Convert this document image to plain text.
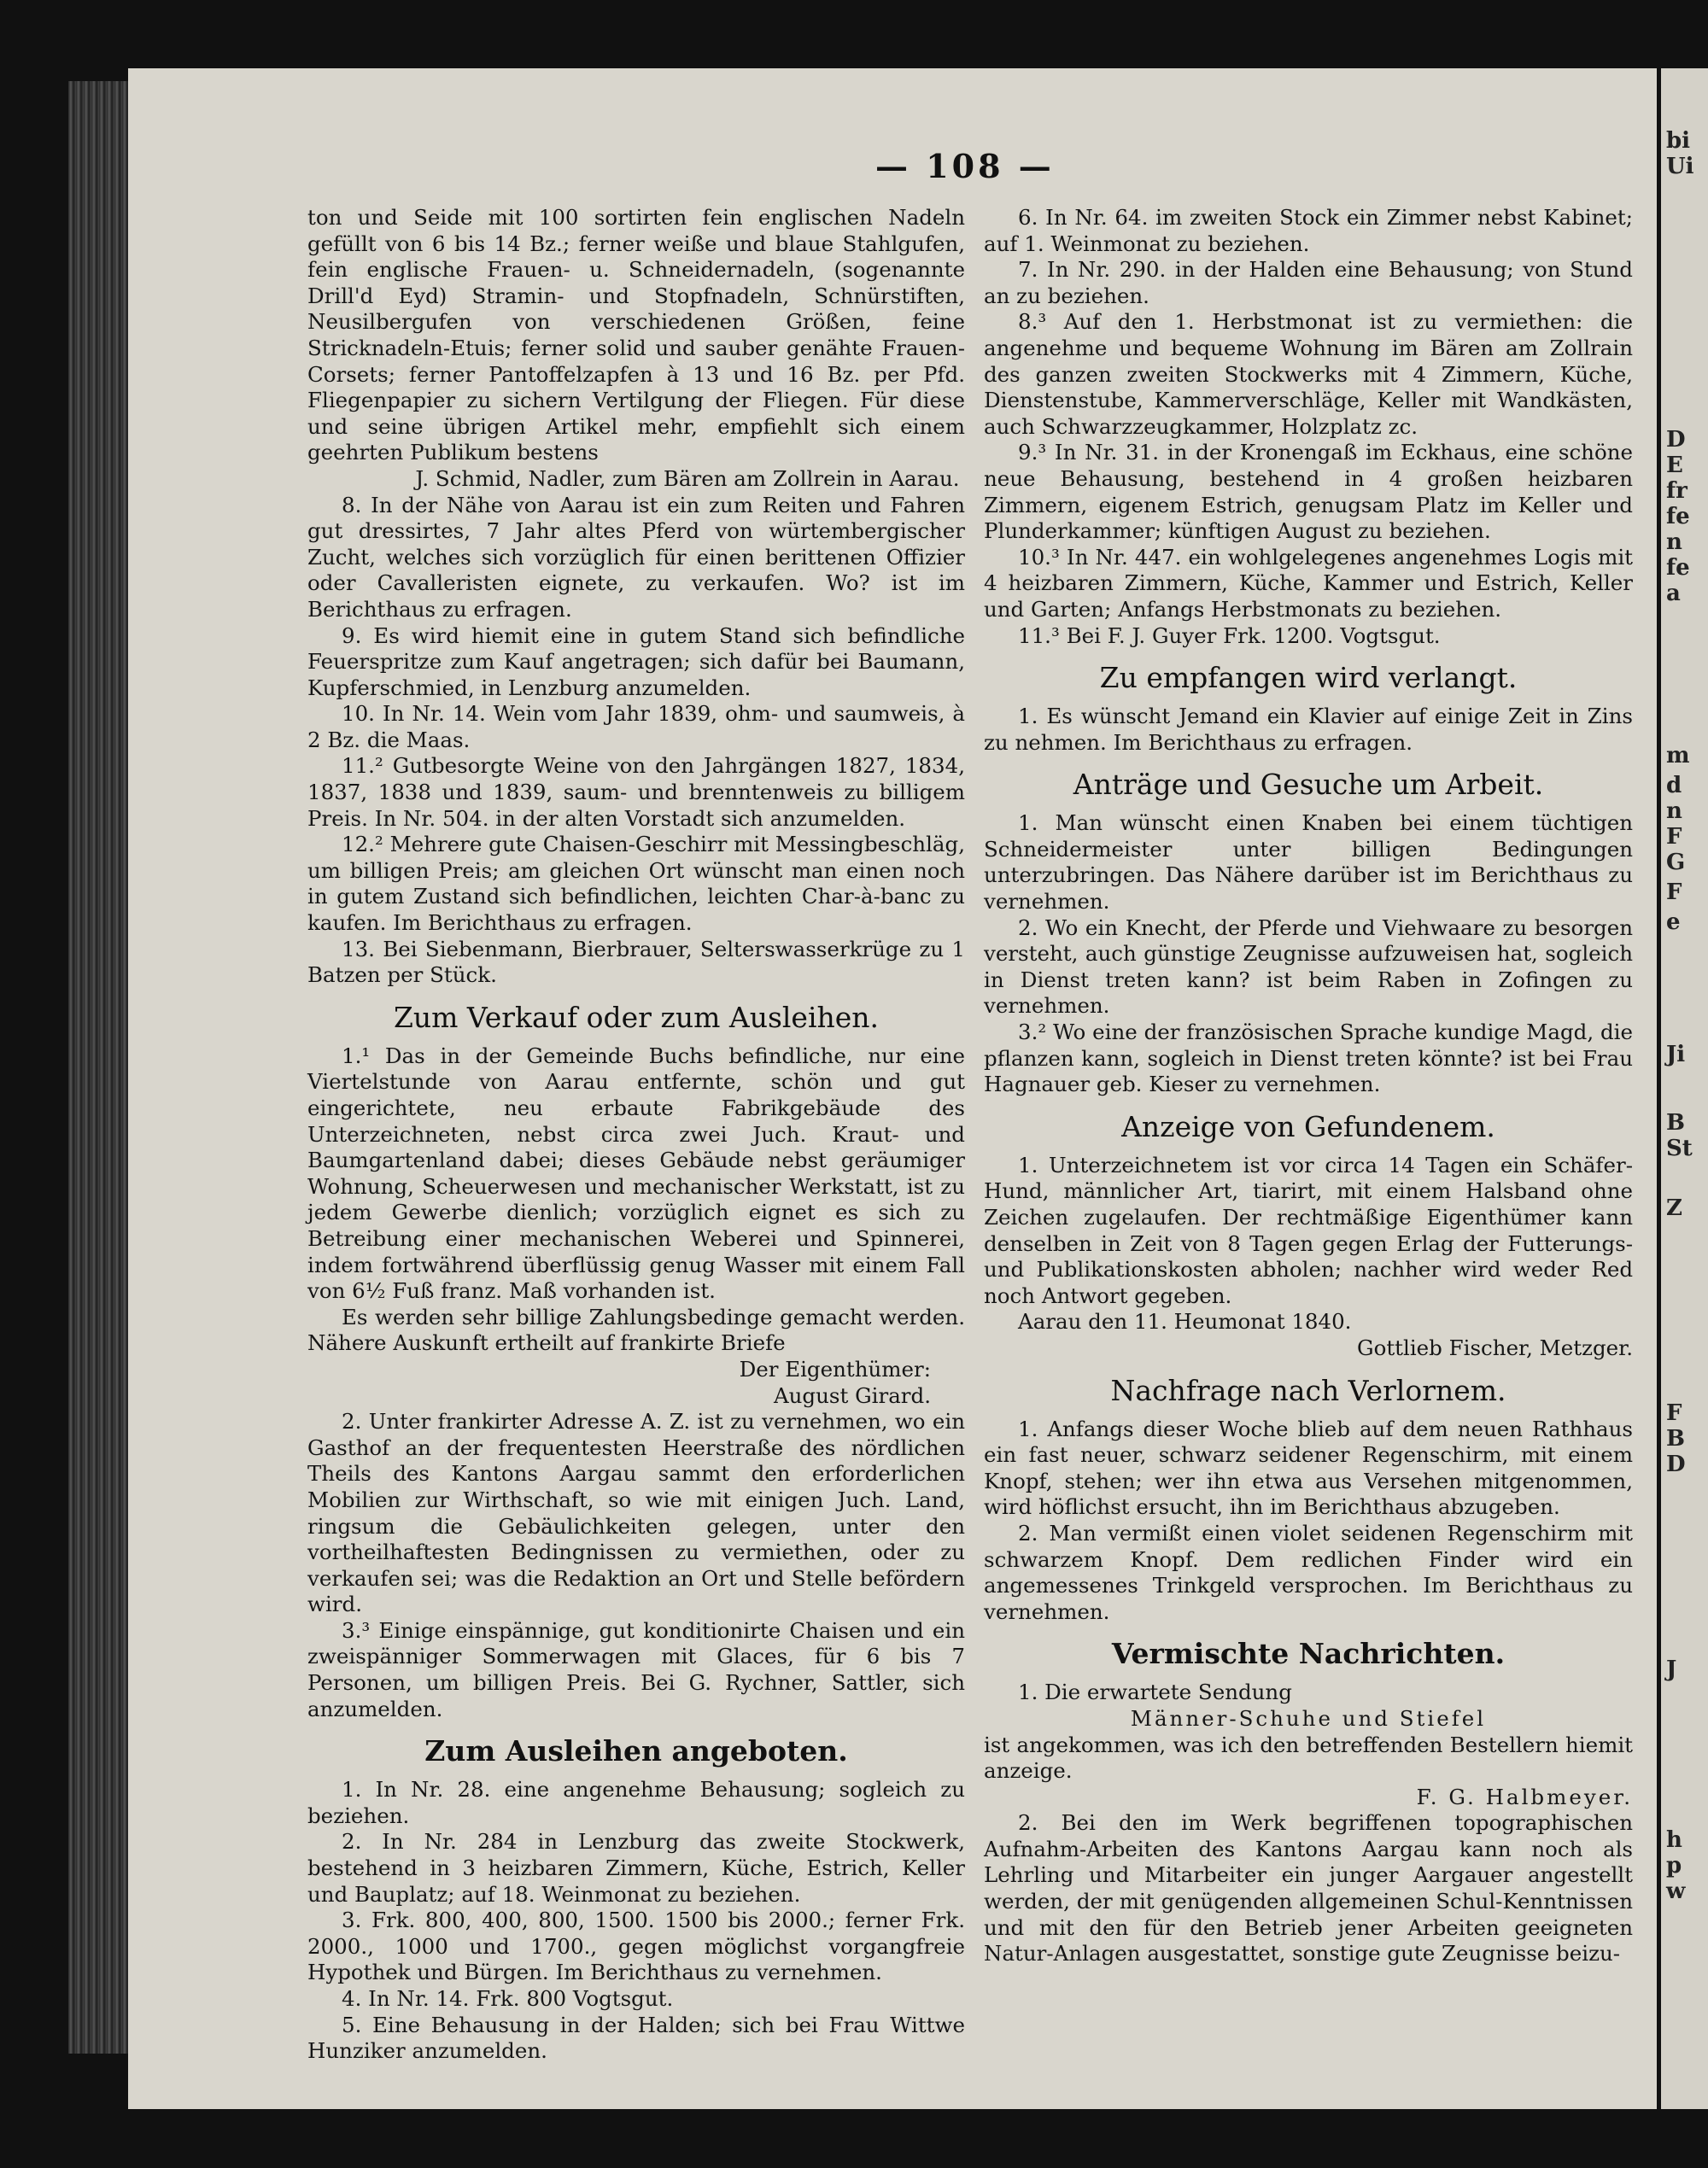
bi
Ui
D
E
fr
fe
n
fe
a
m
d
n
F
G
F
e
Ji
B
St
Z
F
B
D
J
h
p
w
— 108 —

ton und Seide mit 100 sortirten fein englischen Nadeln gefüllt von 6 bis 14 Bz.; ferner weiße und blaue Stahlgufen, fein englische Frauen- u. Schneidernadeln, (sogenannte Drill'd Eyd) Stramin- und Stopfnadeln, Schnürstiften, Neusilbergufen von verschiedenen Größen, feine Stricknadeln-Etuis; ferner solid und sauber genähte Frauen-Corsets; ferner Pantoffelzapfen à 13 und 16 Bz. per Pfd. Fliegenpapier zu sichern Vertilgung der Fliegen. Für diese und seine übrigen Artikel mehr, empfiehlt sich einem geehrten Publikum bestens

J. Schmid, Nadler, zum Bären am Zollrein in Aarau.

8. In der Nähe von Aarau ist ein zum Reiten und Fahren gut dressirtes, 7 Jahr altes Pferd von würtembergischer Zucht, welches sich vorzüglich für einen berittenen Offizier oder Cavalleristen eignete, zu verkaufen. Wo? ist im Berichthaus zu erfragen.

9. Es wird hiemit eine in gutem Stand sich befindliche Feuerspritze zum Kauf angetragen; sich dafür bei Baumann, Kupferschmied, in Lenzburg anzumelden.

10. In Nr. 14. Wein vom Jahr 1839, ohm- und saumweis, à 2 Bz. die Maas.

11.² Gutbesorgte Weine von den Jahrgängen 1827, 1834, 1837, 1838 und 1839, saum- und brenntenweis zu billigem Preis. In Nr. 504. in der alten Vorstadt sich anzumelden.

12.² Mehrere gute Chaisen-Geschirr mit Messingbeschläg, um billigen Preis; am gleichen Ort wünscht man einen noch in gutem Zustand sich befindlichen, leichten Char-à-banc zu kaufen. Im Berichthaus zu erfragen.

13. Bei Siebenmann, Bierbrauer, Selterswasserkrüge zu 1 Batzen per Stück.

Zum Verkauf oder zum Ausleihen.

1.¹ Das in der Gemeinde Buchs befindliche, nur eine Viertelstunde von Aarau entfernte, schön und gut eingerichtete, neu erbaute Fabrikgebäude des Unterzeichneten, nebst circa zwei Juch. Kraut- und Baumgartenland dabei; dieses Gebäude nebst geräumiger Wohnung, Scheuerwesen und mechanischer Werkstatt, ist zu jedem Gewerbe dienlich; vorzüglich eignet es sich zu Betreibung einer mechanischen Weberei und Spinnerei, indem fortwährend überflüssig genug Wasser mit einem Fall von 6½ Fuß franz. Maß vorhanden ist.

Es werden sehr billige Zahlungsbedinge gemacht werden. Nähere Auskunft ertheilt auf frankirte Briefe

Der Eigenthümer:

August Girard.

2. Unter frankirter Adresse A. Z. ist zu vernehmen, wo ein Gasthof an der frequentesten Heerstraße des nördlichen Theils des Kantons Aargau sammt den erforderlichen Mobilien zur Wirthschaft, so wie mit einigen Juch. Land, ringsum die Gebäulichkeiten gelegen, unter den vortheilhaftesten Bedingnissen zu vermiethen, oder zu verkaufen sei; was die Redaktion an Ort und Stelle befördern wird.

3.³ Einige einspännige, gut konditionirte Chaisen und ein zweispänniger Sommerwagen mit Glaces, für 6 bis 7 Personen, um billigen Preis. Bei G. Rychner, Sattler, sich anzumelden.

Zum Ausleihen angeboten.

1. In Nr. 28. eine angenehme Behausung; sogleich zu beziehen.

2. In Nr. 284 in Lenzburg das zweite Stockwerk, bestehend in 3 heizbaren Zimmern, Küche, Estrich, Keller und Bauplatz; auf 18. Weinmonat zu beziehen.

3. Frk. 800, 400, 800, 1500. 1500 bis 2000.; ferner Frk. 2000., 1000 und 1700., gegen möglichst vorgangfreie Hypothek und Bürgen. Im Berichthaus zu vernehmen.

4. In Nr. 14. Frk. 800 Vogtsgut.

5. Eine Behausung in der Halden; sich bei Frau Wittwe Hunziker anzumelden.

6. In Nr. 64. im zweiten Stock ein Zimmer nebst Kabinet; auf 1. Weinmonat zu beziehen.

7. In Nr. 290. in der Halden eine Behausung; von Stund an zu beziehen.

8.³ Auf den 1. Herbstmonat ist zu vermiethen: die angenehme und bequeme Wohnung im Bären am Zollrain des ganzen zweiten Stockwerks mit 4 Zimmern, Küche, Dienstenstube, Kammerverschläge, Keller mit Wandkästen, auch Schwarzzeugkammer, Holzplatz zc.

9.³ In Nr. 31. in der Kronengaß im Eckhaus, eine schöne neue Behausung, bestehend in 4 großen heizbaren Zimmern, eigenem Estrich, genugsam Platz im Keller und Plunderkammer; künftigen August zu beziehen.

10.³ In Nr. 447. ein wohlgelegenes angenehmes Logis mit 4 heizbaren Zimmern, Küche, Kammer und Estrich, Keller und Garten; Anfangs Herbstmonats zu beziehen.

11.³ Bei F. J. Guyer Frk. 1200. Vogtsgut.

Zu empfangen wird verlangt.

1. Es wünscht Jemand ein Klavier auf einige Zeit in Zins zu nehmen. Im Berichthaus zu erfragen.

Anträge und Gesuche um Arbeit.

1. Man wünscht einen Knaben bei einem tüchtigen Schneidermeister unter billigen Bedingungen unterzubringen. Das Nähere darüber ist im Berichthaus zu vernehmen.

2. Wo ein Knecht, der Pferde und Viehwaare zu besorgen versteht, auch günstige Zeugnisse aufzuweisen hat, sogleich in Dienst treten kann? ist beim Raben in Zofingen zu vernehmen.

3.² Wo eine der französischen Sprache kundige Magd, die pflanzen kann, sogleich in Dienst treten könnte? ist bei Frau Hagnauer geb. Kieser zu vernehmen.

Anzeige von Gefundenem.

1. Unterzeichnetem ist vor circa 14 Tagen ein Schäfer-Hund, männlicher Art, tiarirt, mit einem Halsband ohne Zeichen zugelaufen. Der rechtmäßige Eigenthümer kann denselben in Zeit von 8 Tagen gegen Erlag der Futterungs- und Publikationskosten abholen; nachher wird weder Red noch Antwort gegeben.

Aarau den 11. Heumonat 1840.

Gottlieb Fischer, Metzger.

Nachfrage nach Verlornem.

1. Anfangs dieser Woche blieb auf dem neuen Rathhaus ein fast neuer, schwarz seidener Regenschirm, mit einem Knopf, stehen; wer ihn etwa aus Versehen mitgenommen, wird höflichst ersucht, ihn im Berichthaus abzugeben.

2. Man vermißt einen violet seidenen Regenschirm mit schwarzem Knopf. Dem redlichen Finder wird ein angemessenes Trinkgeld versprochen. Im Berichthaus zu vernehmen.

Vermischte Nachrichten.

1. Die erwartete Sendung

Männer-Schuhe und Stiefel

ist angekommen, was ich den betreffenden Bestellern hiemit anzeige.

F. G. Halbmeyer.

2. Bei den im Werk begriffenen topographischen Aufnahm-Arbeiten des Kantons Aargau kann noch als Lehrling und Mitarbeiter ein junger Aargauer angestellt werden, der mit genügenden allgemeinen Schul-Kenntnissen und mit den für den Betrieb jener Arbeiten geeigneten Natur-Anlagen ausgestattet, sonstige gute Zeugnisse beizu-
